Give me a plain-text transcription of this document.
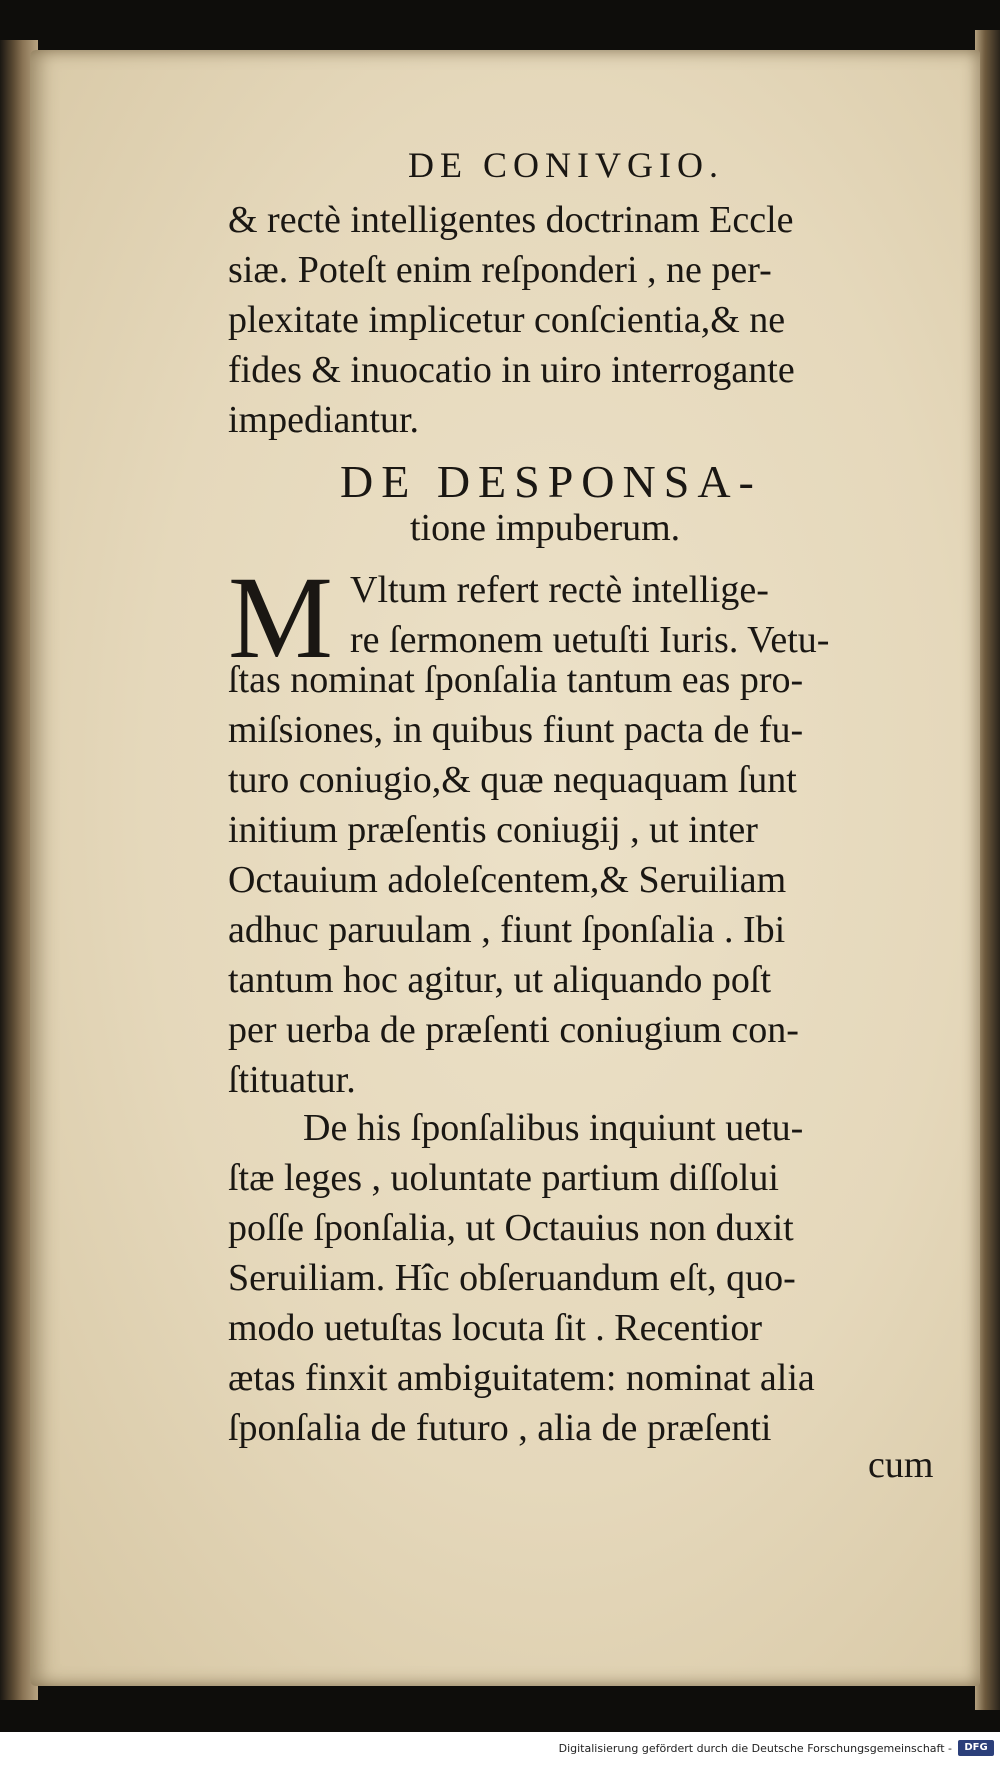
DE CONIVGIO.
& rectè intelligentes doctrinam Eccle
siæ. Poteſt enim reſponderi , ne per-
plexitate implicetur conſcientia,& ne
fides & inuocatio in uiro interrogante
impediantur.
DE DESPONSA-
tione impuberum.
M Vltum refert rectè intellige-
re ſermonem uetuſti Iuris. Vetu-
ſtas nominat ſponſalia tantum eas pro-
miſsiones, in quibus fiunt pacta de fu-
turo coniugio,& quæ nequaquam ſunt
initium præſentis coniugij , ut inter
Octauium adoleſcentem,& Seruiliam
adhuc paruulam , fiunt ſponſalia . Ibi
tantum hoc agitur, ut aliquando poſt
per uerba de præſenti coniugium con-
ſtituatur.
De his ſponſalibus inquiunt uetu-
ſtæ leges , uoluntate partium diſſolui
poſſe ſponſalia, ut Octauius non duxit
Seruiliam. Hîc obſeruandum eſt, quo-
modo uetuſtas locuta ſit . Recentior
ætas finxit ambiguitatem: nominat alia
ſponſalia de futuro , alia de præſenti
cum
Digitalisierung gefördert durch die Deutsche Forschungsgemeinschaft -	DFG
